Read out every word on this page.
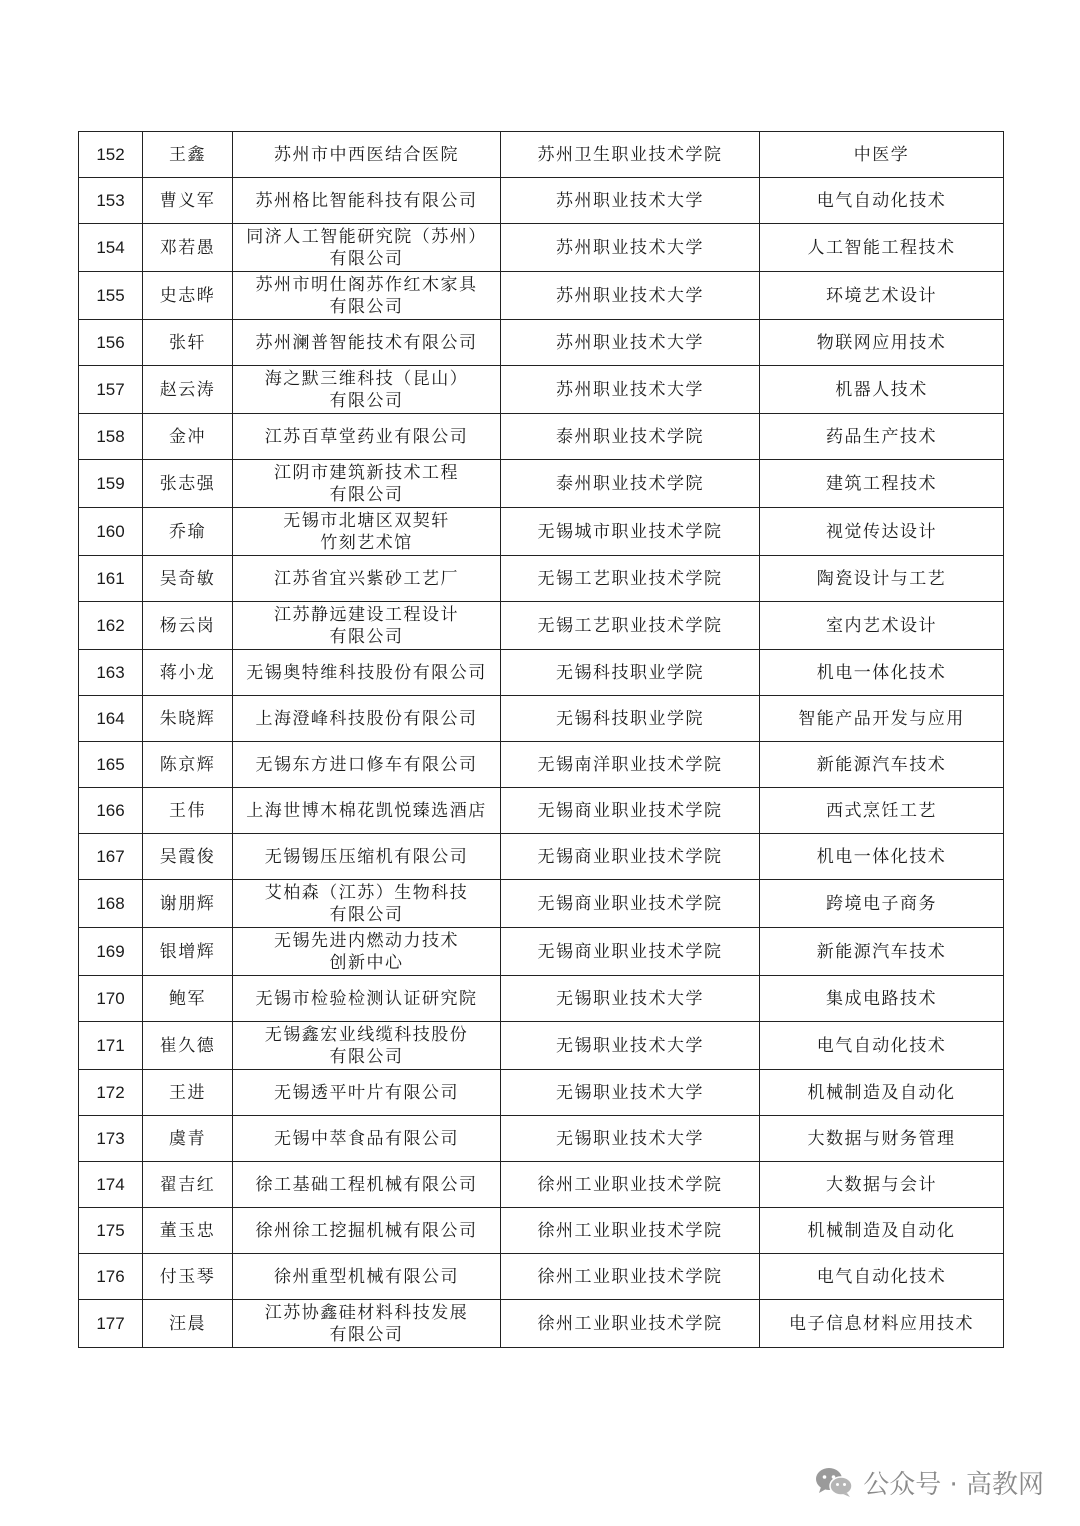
152	王鑫	苏州市中西医结合医院	苏州卫生职业技术学院	中医学
153	曹义军	苏州格比智能科技有限公司	苏州职业技术大学	电气自动化技术
154	邓若愚	同济人工智能研究院（苏州）
有限公司	苏州职业技术大学	人工智能工程技术
155	史志晔	苏州市明仕阁苏作红木家具
有限公司	苏州职业技术大学	环境艺术设计
156	张轩	苏州澜普智能技术有限公司	苏州职业技术大学	物联网应用技术
157	赵云涛	海之默三维科技（昆山）
有限公司	苏州职业技术大学	机器人技术
158	金冲	江苏百草堂药业有限公司	泰州职业技术学院	药品生产技术
159	张志强	江阴市建筑新技术工程
有限公司	泰州职业技术学院	建筑工程技术
160	乔瑜	无锡市北塘区双契轩
竹刻艺术馆	无锡城市职业技术学院	视觉传达设计
161	吴奇敏	江苏省宜兴紫砂工艺厂	无锡工艺职业技术学院	陶瓷设计与工艺
162	杨云岗	江苏静远建设工程设计
有限公司	无锡工艺职业技术学院	室内艺术设计
163	蒋小龙	无锡奥特维科技股份有限公司	无锡科技职业学院	机电一体化技术
164	朱晓辉	上海澄峰科技股份有限公司	无锡科技职业学院	智能产品开发与应用
165	陈京辉	无锡东方进口修车有限公司	无锡南洋职业技术学院	新能源汽车技术
166	王伟	上海世博木棉花凯悦臻选酒店	无锡商业职业技术学院	西式烹饪工艺
167	吴霞俊	无锡锡压压缩机有限公司	无锡商业职业技术学院	机电一体化技术
168	谢朋辉	艾柏森（江苏）生物科技
有限公司	无锡商业职业技术学院	跨境电子商务
169	银增辉	无锡先进内燃动力技术
创新中心	无锡商业职业技术学院	新能源汽车技术
170	鲍军	无锡市检验检测认证研究院	无锡职业技术大学	集成电路技术
171	崔久德	无锡鑫宏业线缆科技股份
有限公司	无锡职业技术大学	电气自动化技术
172	王进	无锡透平叶片有限公司	无锡职业技术大学	机械制造及自动化
173	虞青	无锡中萃食品有限公司	无锡职业技术大学	大数据与财务管理
174	翟吉红	徐工基础工程机械有限公司	徐州工业职业技术学院	大数据与会计
175	董玉忠	徐州徐工挖掘机械有限公司	徐州工业职业技术学院	机械制造及自动化
176	付玉琴	徐州重型机械有限公司	徐州工业职业技术学院	电气自动化技术
177	汪晨	江苏协鑫硅材料科技发展
有限公司	徐州工业职业技术学院	电子信息材料应用技术
公众号 · 高教网
